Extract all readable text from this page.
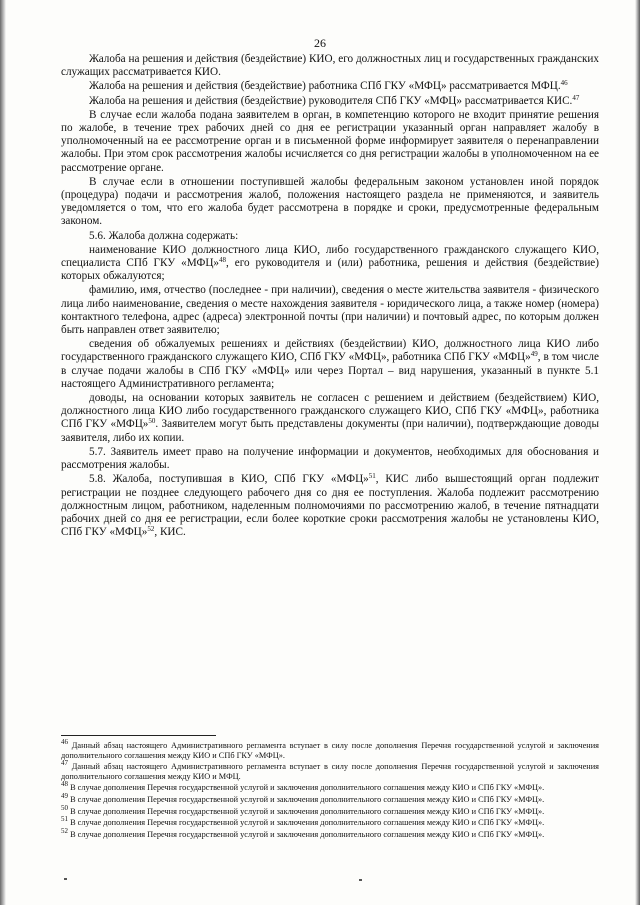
26

Жалоба на решения и действия (бездействие) КИО, его должностных лиц и государственных гражданских служащих рассматривается КИО.

Жалоба на решения и действия (бездействие) работника СПб ГКУ «МФЦ» рассматривается МФЦ.$^{46}$

Жалоба на решения и действия (бездействие) руководителя СПб ГКУ «МФЦ» рассматривается КИС.$^{47}$

В случае если жалоба подана заявителем в орган, в компетенцию которого не входит принятие решения по жалобе, в течение трех рабочих дней со дня ее регистрации указанный орган направляет жалобу в уполномоченный на ее рассмотрение орган и в письменной форме информирует заявителя о перенаправлении жалобы. При этом срок рассмотрения жалобы исчисляется со дня регистрации жалобы в уполномоченном на ее рассмотрение органе.

В случае если в отношении поступившей жалобы федеральным законом установлен иной порядок (процедура) подачи и рассмотрения жалоб, положения настоящего раздела не применяются, и заявитель уведомляется о том, что его жалоба будет рассмотрена в порядке и сроки, предусмотренные федеральным законом.

5.6. Жалоба должна содержать:

наименование КИО должностного лица КИО, либо государственного гражданского служащего КИО, специалиста СПб ГКУ «МФЦ»$^{48}$, его руководителя и (или) работника, решения и действия (бездействие) которых обжалуются;

фамилию, имя, отчество (последнее - при наличии), сведения о месте жительства заявителя - физического лица либо наименование, сведения о месте нахождения заявителя - юридического лица, а также номер (номера) контактного телефона, адрес (адреса) электронной почты (при наличии) и почтовый адрес, по которым должен быть направлен ответ заявителю;

сведения об обжалуемых решениях и действиях (бездействии) КИО, должностного лица КИО либо государственного гражданского служащего КИО, СПб ГКУ «МФЦ», работника СПб ГКУ «МФЦ»$^{49}$, в том числе в случае подачи жалобы в СПб ГКУ «МФЦ» или через Портал – вид нарушения, указанный в пункте 5.1 настоящего Административного регламента;

доводы, на основании которых заявитель не согласен с решением и действием (бездействием) КИО, должностного лица КИО либо государственного гражданского служащего КИО, СПб ГКУ «МФЦ», работника СПб ГКУ «МФЦ»$^{50}$. Заявителем могут быть представлены документы (при наличии), подтверждающие доводы заявителя, либо их копии.

5.7. Заявитель имеет право на получение информации и документов, необходимых для обоснования и рассмотрения жалобы.

5.8. Жалоба, поступившая в КИО, СПб ГКУ «МФЦ»$^{51}$, КИС либо вышестоящий орган подлежит регистрации не позднее следующего рабочего дня со дня ее поступления. Жалоба подлежит рассмотрению должностным лицом, работником, наделенным полномочиями по рассмотрению жалоб, в течение пятнадцати рабочих дней со дня ее регистрации, если более короткие сроки рассмотрения жалобы не установлены КИО, СПб ГКУ «МФЦ»$^{52}$, КИС.

$^{46}$ Данный абзац настоящего Административного регламента вступает в силу после дополнения Перечня государственной услугой и заключения дополнительного соглашения между КИО и СПб ГКУ «МФЦ».

$^{47}$ Данный абзац настоящего Административного регламента вступает в силу после дополнения Перечня государственной услугой и заключения дополнительного соглашения между КИО и МФЦ.

$^{48}$ В случае дополнения Перечня государственной услугой и заключения дополнительного соглашения между КИО и СПб ГКУ «МФЦ».

$^{49}$ В случае дополнения Перечня государственной услугой и заключения дополнительного соглашения между КИО и СПб ГКУ «МФЦ».

$^{50}$ В случае дополнения Перечня государственной услугой и заключения дополнительного соглашения между КИО и СПб ГКУ «МФЦ».

$^{51}$ В случае дополнения Перечня государственной услугой и заключения дополнительного соглашения между КИО и СПб ГКУ «МФЦ».

$^{52}$ В случае дополнения Перечня государственной услугой и заключения дополнительного соглашения между КИО и СПб ГКУ «МФЦ».
